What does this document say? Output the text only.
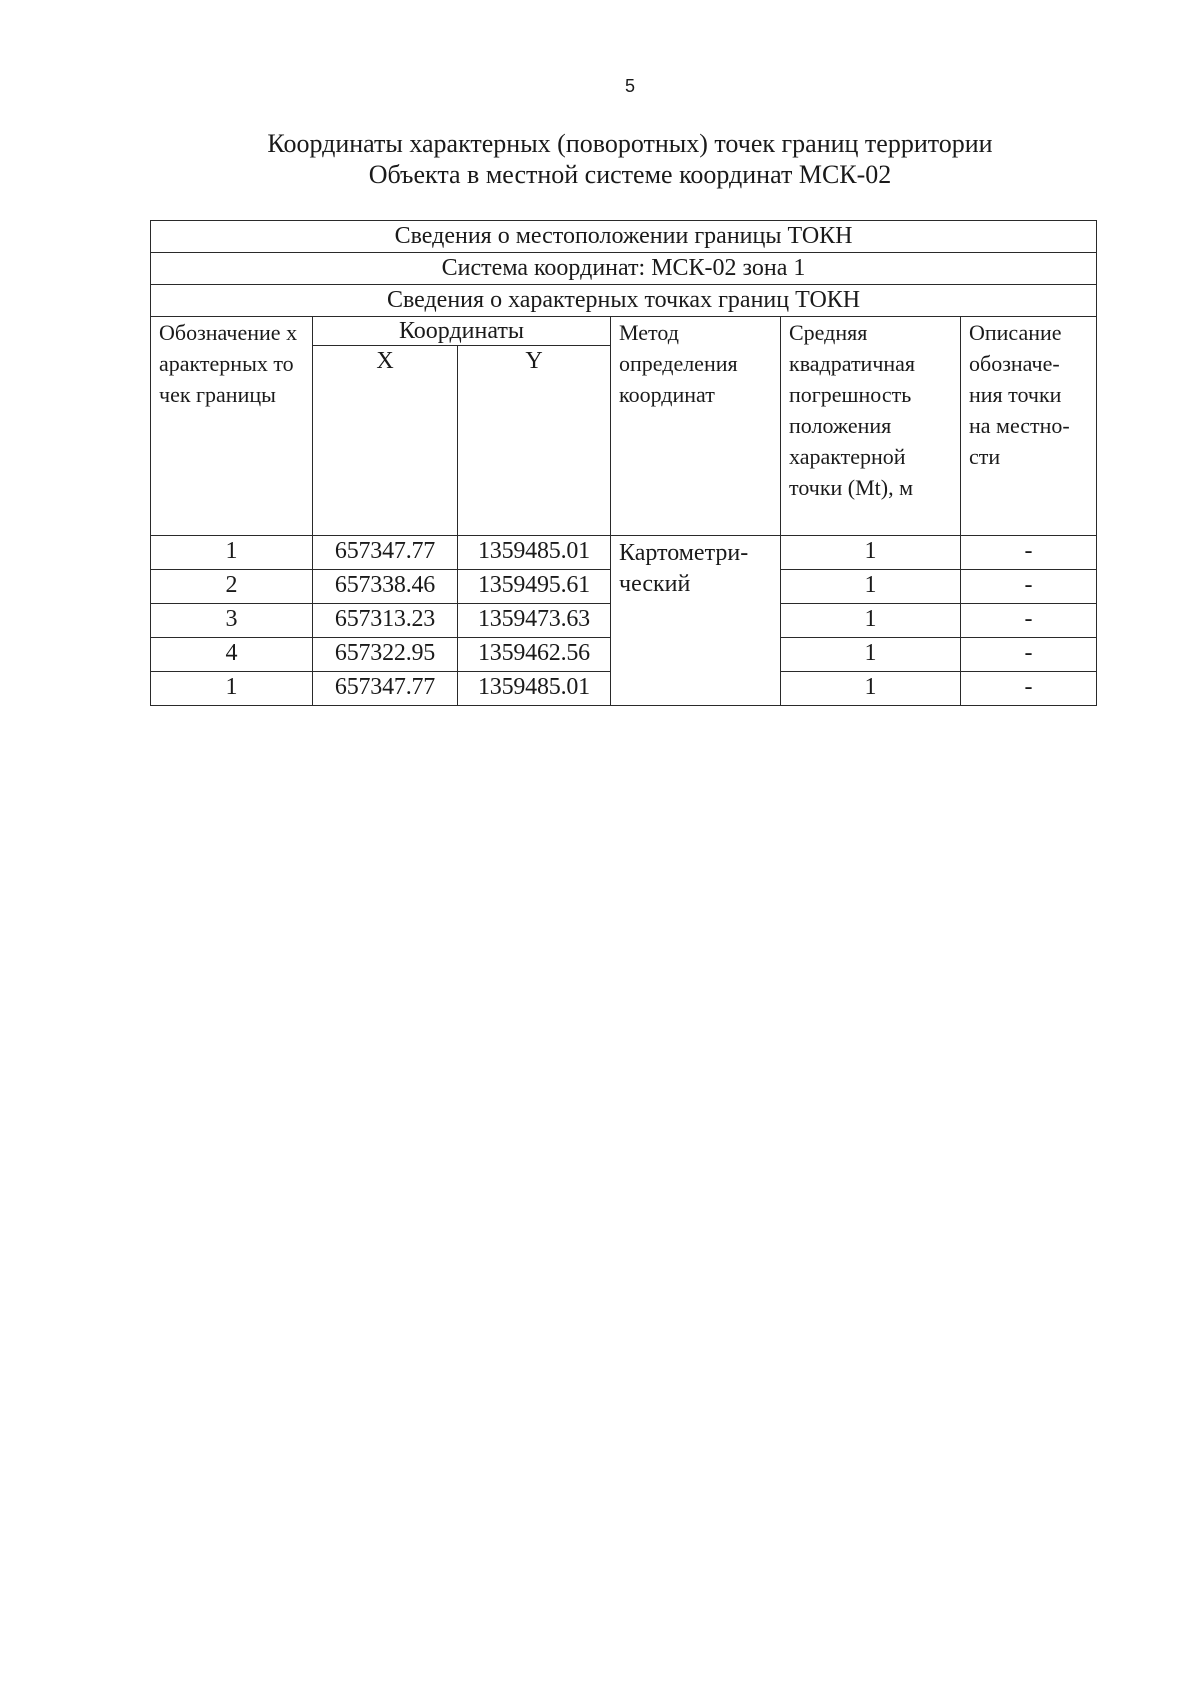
5
Координаты характерных (поворотных) точек границ территории
Объекта в местной системе координат МСК-02
Сведения о местоположении границы ТОКН					
Система координат: МСК-02 зона 1					
Сведения о характерных точках границ ТОКН					
Обозначение характерных точек границы	Координаты		Метод определения координат	Средняя квадратичная погрешность положения характерной точки (Mt), м	Описание обозначе-ния точки на местно-сти
	X	Y			
1	657347.77	1359485.01	Картометри-ческий	1	-
2	657338.46	1359495.61		1	-
3	657313.23	1359473.63		1	-
4	657322.95	1359462.56		1	-
1	657347.77	1359485.01		1	-
